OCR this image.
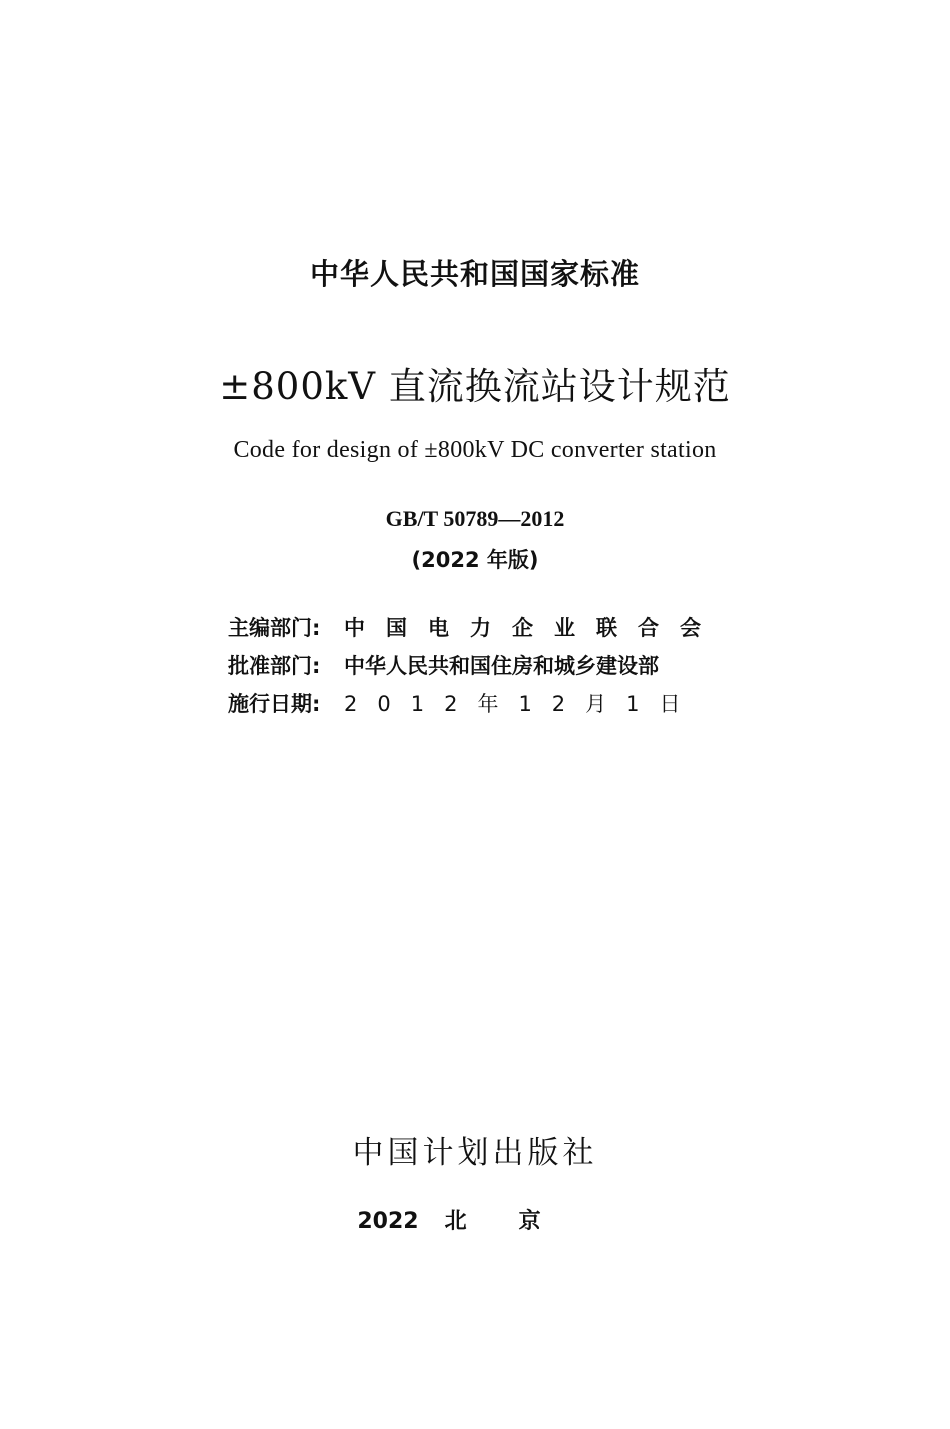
中华人民共和国国家标准
±800kV 直流换流站设计规范
Code for design of ±800kV DC converter station
GB/T 50789—2012
(2022 年版)
主编部门:	中国电力企业联合会
批准部门:	中华人民共和国住房和城乡建设部
施行日期:	2012年12月1日
中国计划出版社
2022 北京
